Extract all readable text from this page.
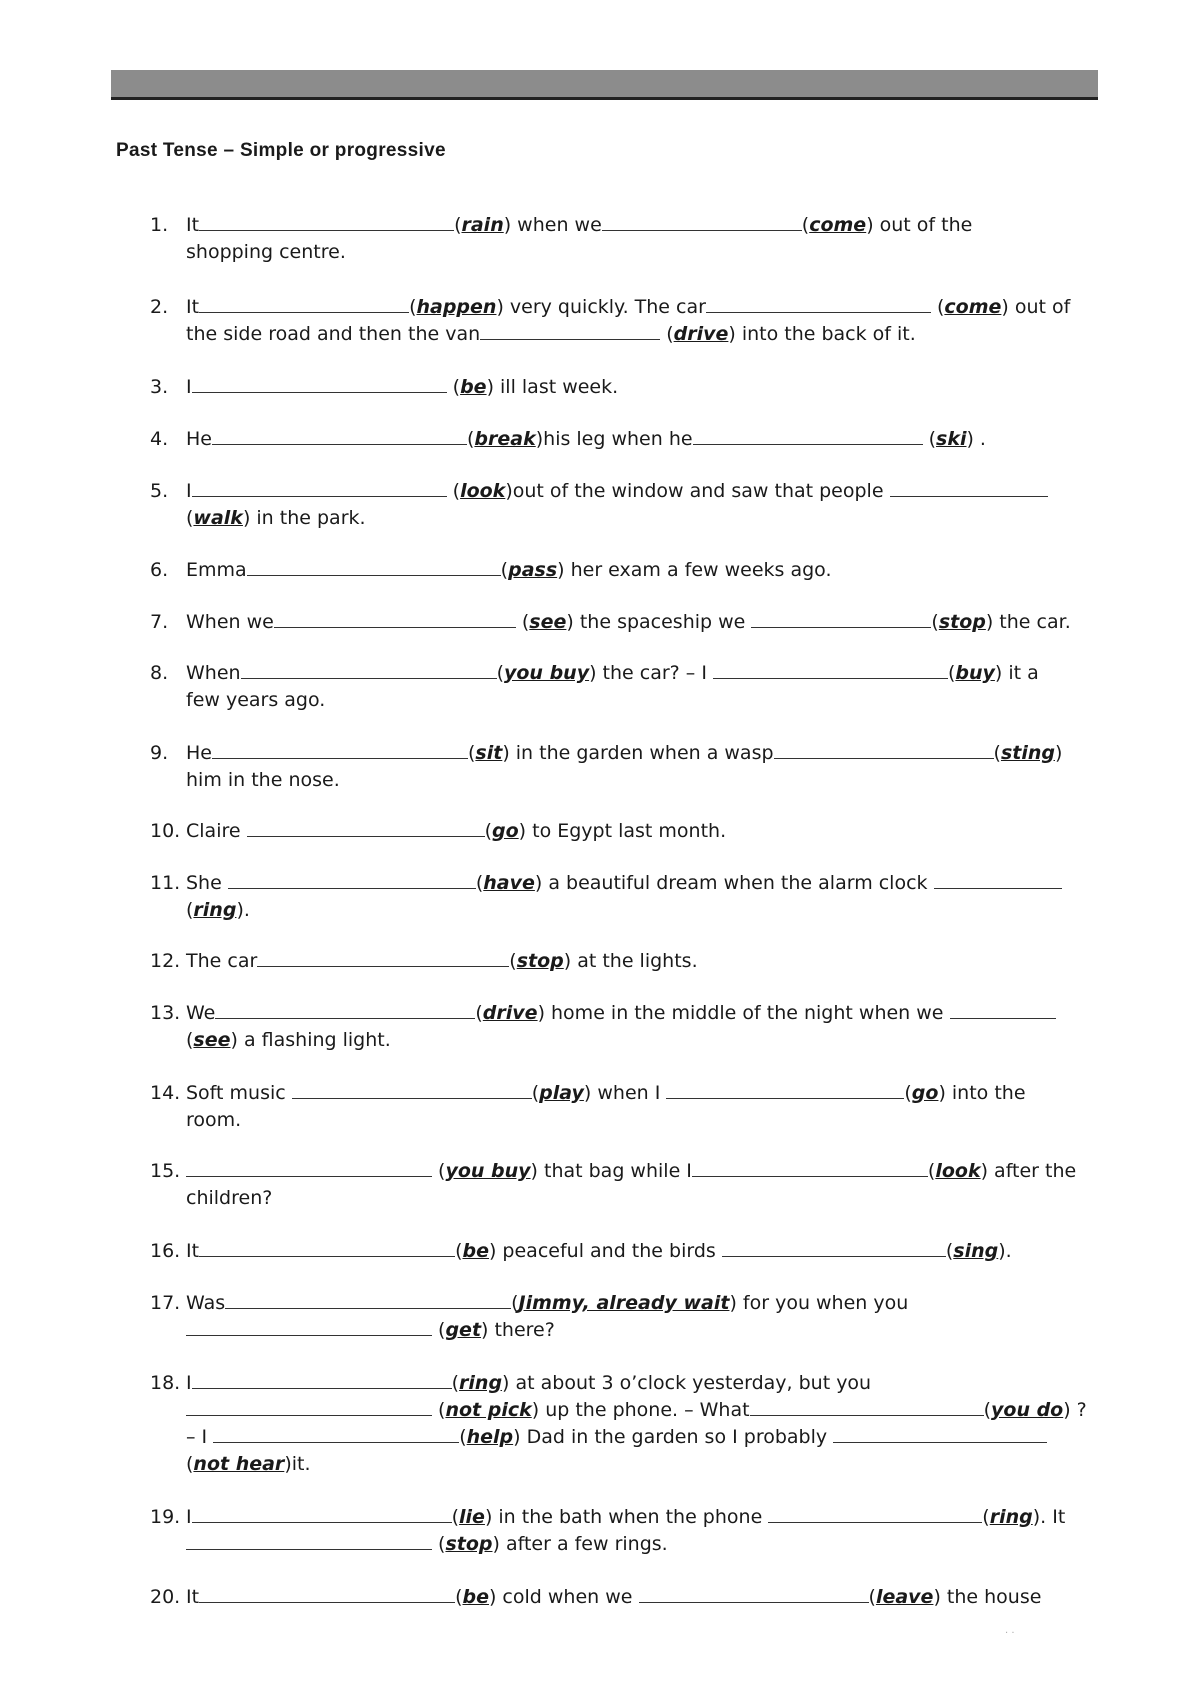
Past Tense – Simple or progressive
1. It	(rain) when we	(come) out of the
shopping centre.
2. It	(happen) very quickly. The car	(come) out of
the side road and then the van	(drive) into the back of it.
3. I	(be) ill last week.
4. He	(break)his leg when he	(ski) .
5. I	(look)out of the window and saw that people
(walk) in the park.
6. Emma	(pass) her exam a few weeks ago.
7. When we	(see) the spaceship we	(stop) the car.
8. When	(you buy) the car? – I	(buy) it a
few years ago.
9. He	(sit) in the garden when a wasp	(sting)
him in the nose.
10. Claire	(go) to Egypt last month.
11. She	(have) a beautiful dream when the alarm clock
(ring).
12. The car	(stop) at the lights.
13. We	(drive) home in the middle of the night when we
(see) a flashing light.
14. Soft music	(play) when I	(go) into the
room.
15.	(you buy) that bag while I	(look) after the
children?
16. It	(be) peaceful and the birds	(sing).
17. Was	(Jimmy, already wait) for you when you
(get) there?
18. I	(ring) at about 3 o’clock yesterday, but you
(not pick) up the phone. – What	(you do) ?
– I	(help) Dad in the garden so I probably
(not hear)it.
19. I	(lie) in the bath when the phone	(ring). It
(stop) after a few rings.
20. It	(be) cold when we	(leave) the house
. .
